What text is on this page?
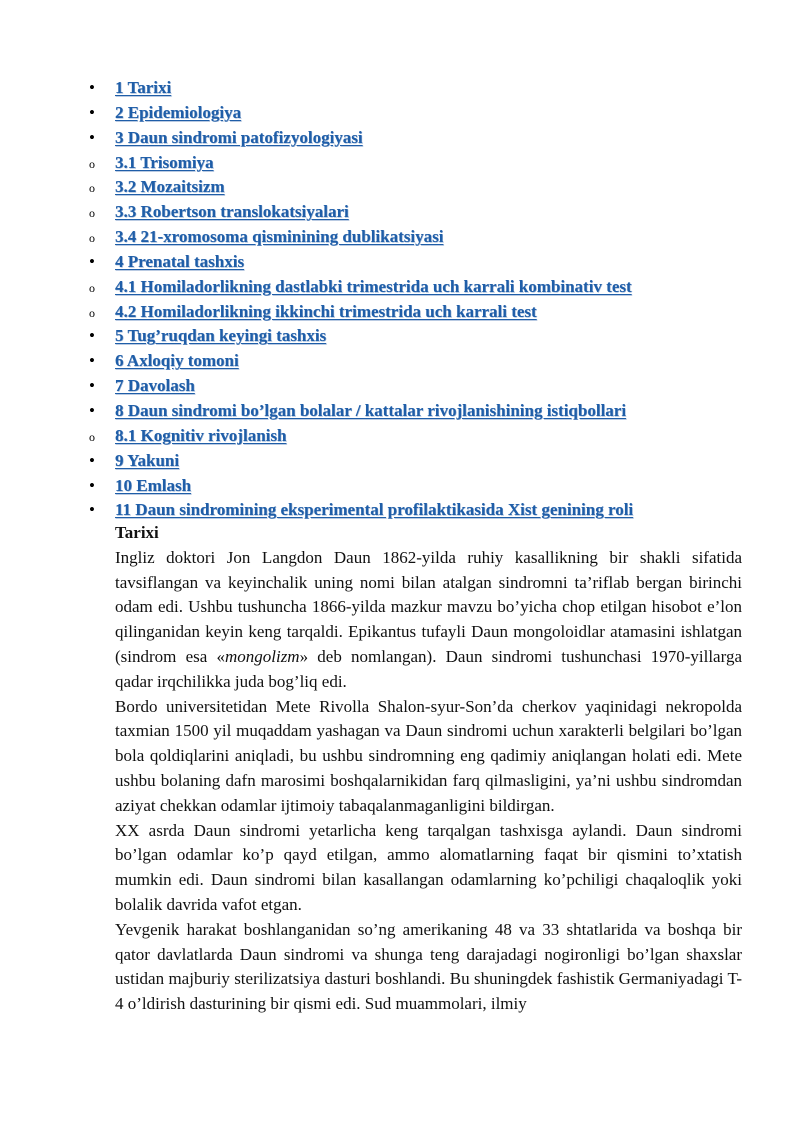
•	1 Tarixi
•	2 Epidemiologiya
•	3 Daun sindromi patofizyologiyasi
o	3.1 Trisomiya
o	3.2 Mozaitsizm
o	3.3 Robertson translokatsiyalari
o	3.4 21-xromosoma qisminining dublikatsiyasi
•	4 Prenatal tashxis
o	4.1 Homiladorlikning dastlabki trimestrida uch karrali kombinativ test
o	4.2 Homiladorlikning ikkinchi trimestrida uch karrali test
•	5 Tug’ruqdan keyingi tashxis
•	6 Axloqiy tomoni
•	7 Davolash
•	8 Daun sindromi bo’lgan bolalar / kattalar rivojlanishining istiqbollari
o	8.1 Kognitiv rivojlanish
•	9 Yakuni
•	10 Emlash
•	11 Daun sindromining eksperimental profilaktikasida Xist genining roli
Tarixi

Ingliz doktori Jon Langdon Daun 1862-yilda ruhiy kasallikning bir shakli sifatida tavsiflangan va keyinchalik uning nomi bilan atalgan sindromni ta’riflab bergan birinchi odam edi. Ushbu tushuncha 1866-yilda mazkur mavzu bo’yicha chop etilgan hisobot e’lon qilinganidan keyin keng tarqaldi. Epikantus tufayli Daun mongoloidlar atamasini ishlatgan (sindrom esa «mongolizm» deb nomlangan). Daun sindromi tushunchasi 1970-yillarga qadar irqchilikka juda bog’liq edi.

Bordo universitetidan Mete Rivolla Shalon-syur-Son’da cherkov yaqinidagi nekropolda taxmian 1500 yil muqaddam yashagan va Daun sindromi uchun xarakterli belgilari bo’lgan bola qoldiqlarini aniqladi, bu ushbu sindromning eng qadimiy aniqlangan holati edi. Mete ushbu bolaning dafn marosimi boshqalarnikidan farq qilmasligini, ya’ni ushbu sindromdan aziyat chekkan odamlar ijtimoiy tabaqalanmaganligini bildirgan.

XX asrda Daun sindromi yetarlicha keng tarqalgan tashxisga aylandi. Daun sindromi bo’lgan odamlar ko’p qayd etilgan, ammo alomatlarning faqat bir qismini to’xtatish mumkin edi. Daun sindromi bilan kasallangan odamlarning ko’pchiligi chaqaloqlik yoki bolalik davrida vafot etgan.

Yevgenik harakat boshlanganidan so’ng amerikaning 48 va 33 shtatlarida va boshqa bir qator davlatlarda Daun sindromi va shunga teng darajadagi nogironligi bo’lgan shaxslar ustidan majburiy sterilizatsiya dasturi boshlandi. Bu shuningdek fashistik Germaniyadagi T-4 o’ldirish dasturining bir qismi edi. Sud muammolari, ilmiy
